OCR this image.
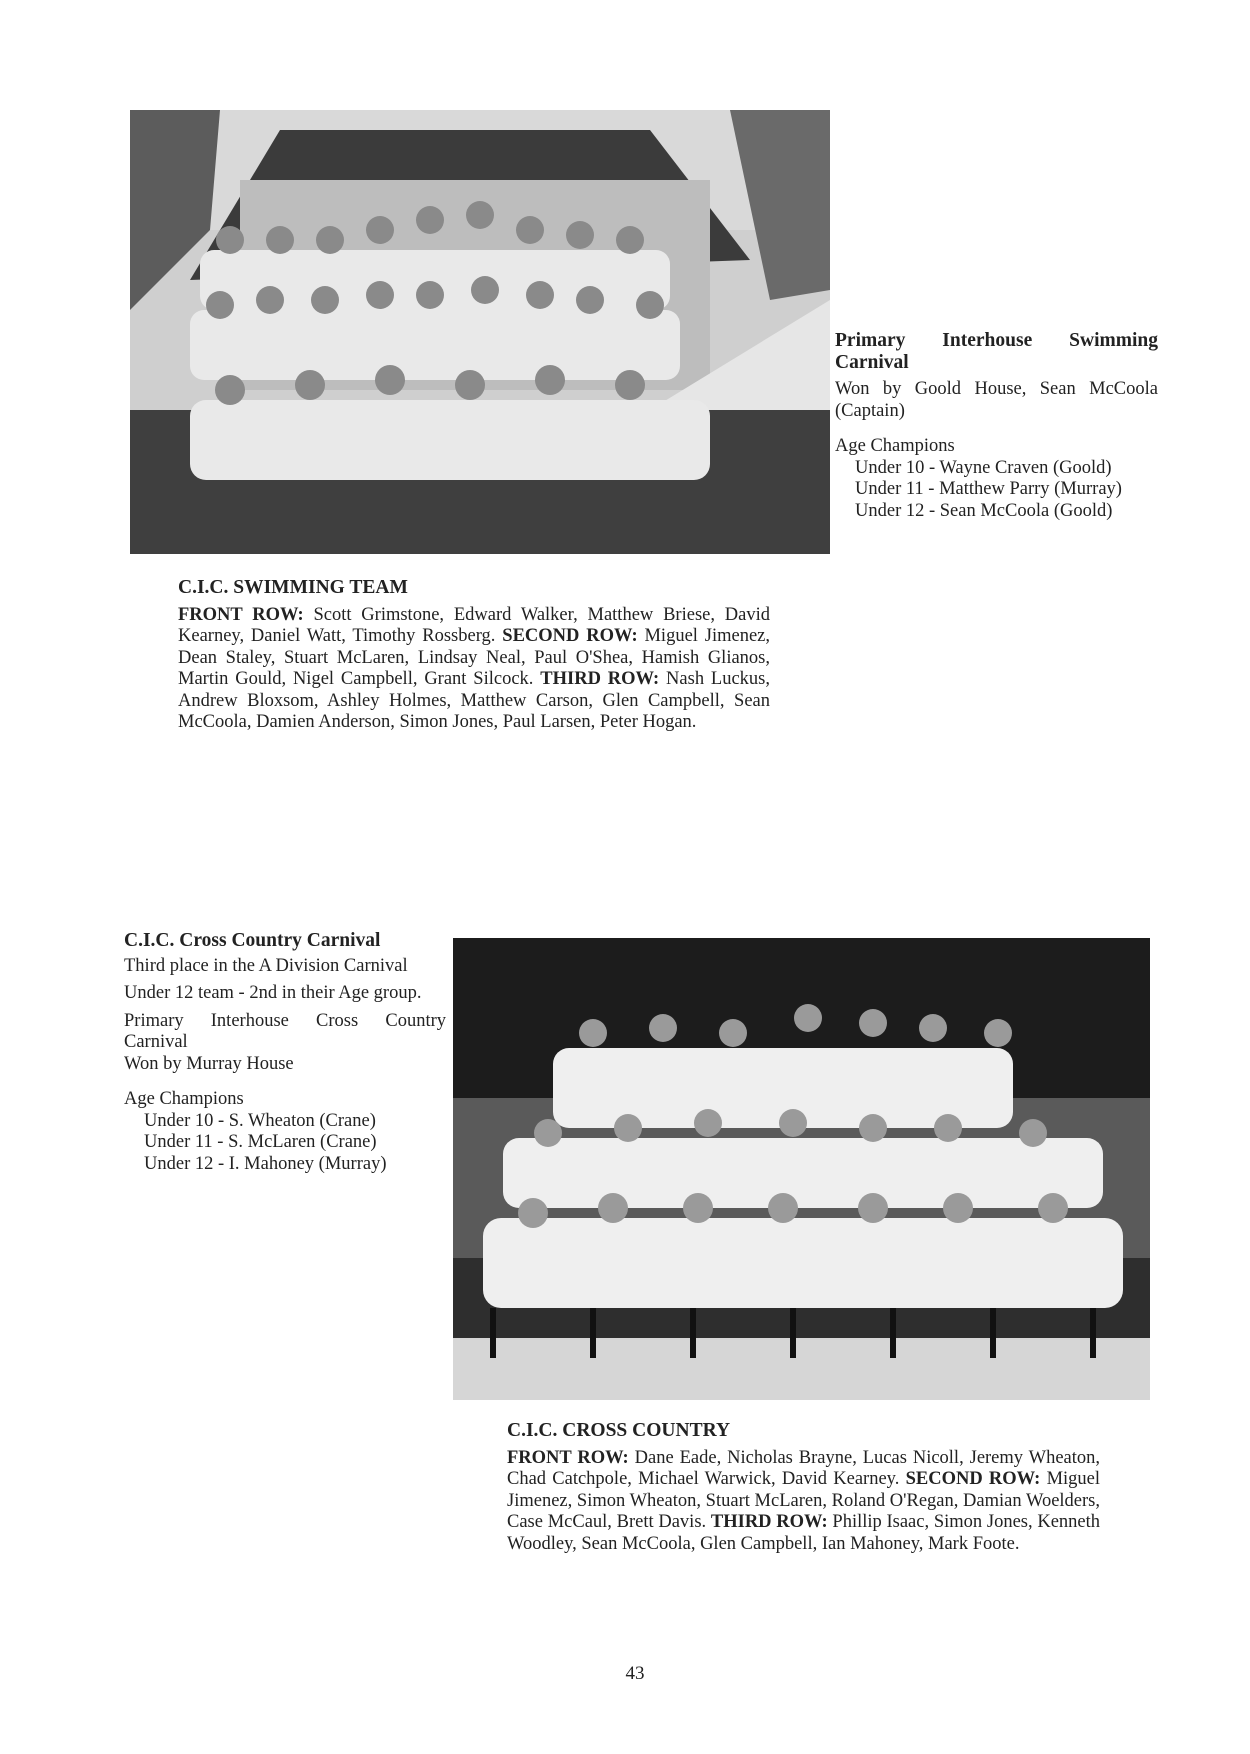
Primary Interhouse Swimming Carnival

Won by Goold House, Sean McCoola (Captain)

Age Champions

Under 10 - Wayne Craven (Goold)

Under 11 - Matthew Parry (Murray)

Under 12 - Sean McCoola (Goold)

C.I.C. SWIMMING TEAM

FRONT ROW: Scott Grimstone, Edward Walker, Matthew Briese, David Kearney, Daniel Watt, Timothy Rossberg. SECOND ROW: Miguel Jimenez, Dean Staley, Stuart McLaren, Lindsay Neal, Paul O'Shea, Hamish Glianos, Martin Gould, Nigel Campbell, Grant Silcock. THIRD ROW: Nash Luckus, Andrew Bloxsom, Ashley Holmes, Matthew Carson, Glen Campbell, Sean McCoola, Damien Anderson, Simon Jones, Paul Larsen, Peter Hogan.

C.I.C. Cross Country Carnival

Third place in the A Division Carnival

Under 12 team - 2nd in their Age group.

Primary Interhouse Cross Country Carnival

Won by Murray House

Age Champions

Under 10 - S. Wheaton (Crane)

Under 11 - S. McLaren (Crane)

Under 12 - I. Mahoney (Murray)

C.I.C. CROSS COUNTRY

FRONT ROW: Dane Eade, Nicholas Brayne, Lucas Nicoll, Jeremy Wheaton, Chad Catchpole, Michael Warwick, David Kearney. SECOND ROW: Miguel Jimenez, Simon Wheaton, Stuart McLaren, Roland O'Regan, Damian Woelders, Case McCaul, Brett Davis. THIRD ROW: Phillip Isaac, Simon Jones, Kenneth Woodley, Sean McCoola, Glen Campbell, Ian Mahoney, Mark Foote.

43
